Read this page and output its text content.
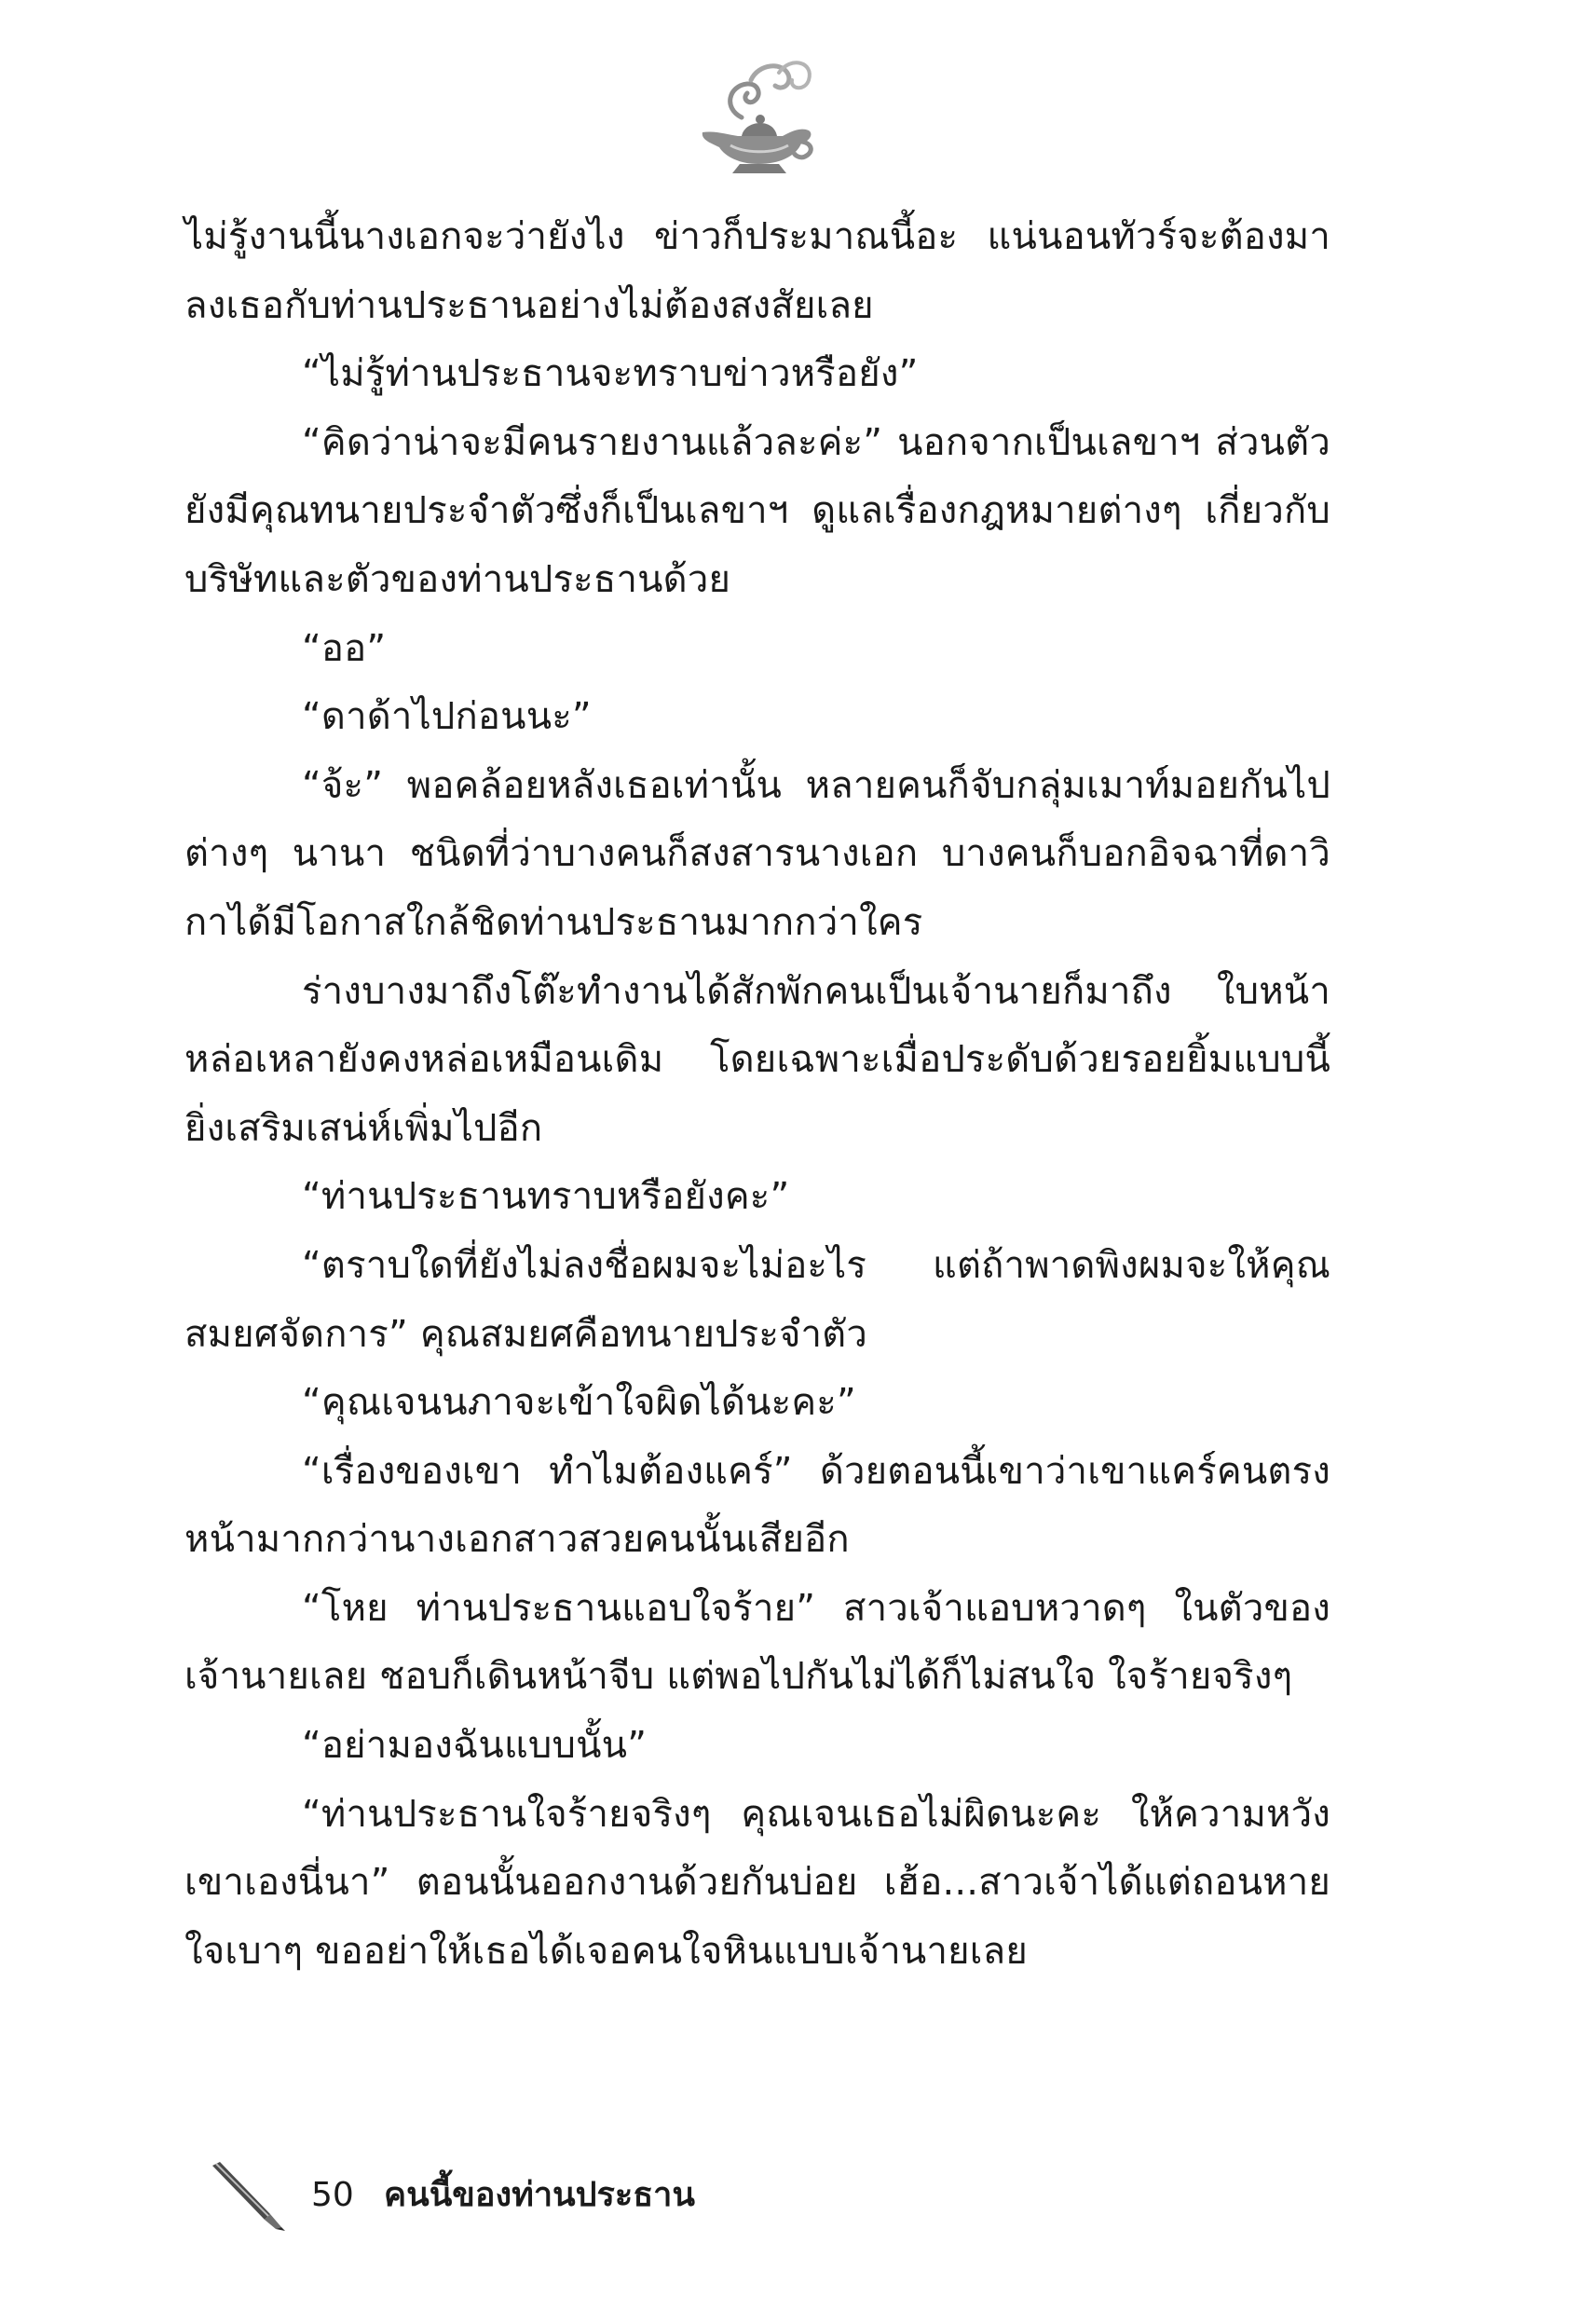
ไม่รู้งานนี้นางเอกจะว่ายังไง ข่าวก็ประมาณนี้อะ แน่นอนทัวร์จะต้องมาลงเธอกับท่านประธานอย่างไม่ต้องสงสัยเลย

“ไม่รู้ท่านประธานจะทราบข่าวหรือยัง”

“คิดว่าน่าจะมีคนรายงานแล้วละค่ะ” นอกจากเป็นเลขาฯ ส่วนตัวยังมีคุณทนายประจำตัวซึ่งก็เป็นเลขาฯ ดูแลเรื่องกฎหมายต่างๆ เกี่ยวกับบริษัทและตัวของท่านประธานด้วย

“ออ”

“ดาด้าไปก่อนนะ”

“จ้ะ” พอคล้อยหลังเธอเท่านั้น หลายคนก็จับกลุ่มเมาท์มอยกันไปต่างๆ นานา ชนิดที่ว่าบางคนก็สงสารนางเอก บางคนก็บอกอิจฉาที่ดาวิกาได้มีโอกาสใกล้ชิดท่านประธานมากกว่าใคร

ร่างบางมาถึงโต๊ะทำงานได้สักพักคนเป็นเจ้านายก็มาถึง ใบหน้าหล่อเหลายังคงหล่อเหมือนเดิม โดยเฉพาะเมื่อประดับด้วยรอยยิ้มแบบนี้ยิ่งเสริมเสน่ห์เพิ่มไปอีก

“ท่านประธานทราบหรือยังคะ”

“ตราบใดที่ยังไม่ลงชื่อผมจะไม่อะไร แต่ถ้าพาดพิงผมจะให้คุณสมยศจัดการ” คุณสมยศคือทนายประจำตัว

“คุณเจนนภาจะเข้าใจผิดได้นะคะ”

“เรื่องของเขา ทำไมต้องแคร์” ด้วยตอนนี้เขาว่าเขาแคร์คนตรงหน้ามากกว่านางเอกสาวสวยคนนั้นเสียอีก

“โหย ท่านประธานแอบใจร้าย” สาวเจ้าแอบหวาดๆ ในตัวของเจ้านายเลย ชอบก็เดินหน้าจีบ แต่พอไปกันไม่ได้ก็ไม่สนใจ ใจร้ายจริงๆ

“อย่ามองฉันแบบนั้น”

“ท่านประธานใจร้ายจริงๆ คุณเจนเธอไม่ผิดนะคะ ให้ความหวังเขาเองนี่นา” ตอนนั้นออกงานด้วยกันบ่อย เฮ้อ...สาวเจ้าได้แต่ถอนหายใจเบาๆ ขออย่าให้เธอได้เจอคนใจหินแบบเจ้านายเลย

50 คนนี้ของท่านประธาน
